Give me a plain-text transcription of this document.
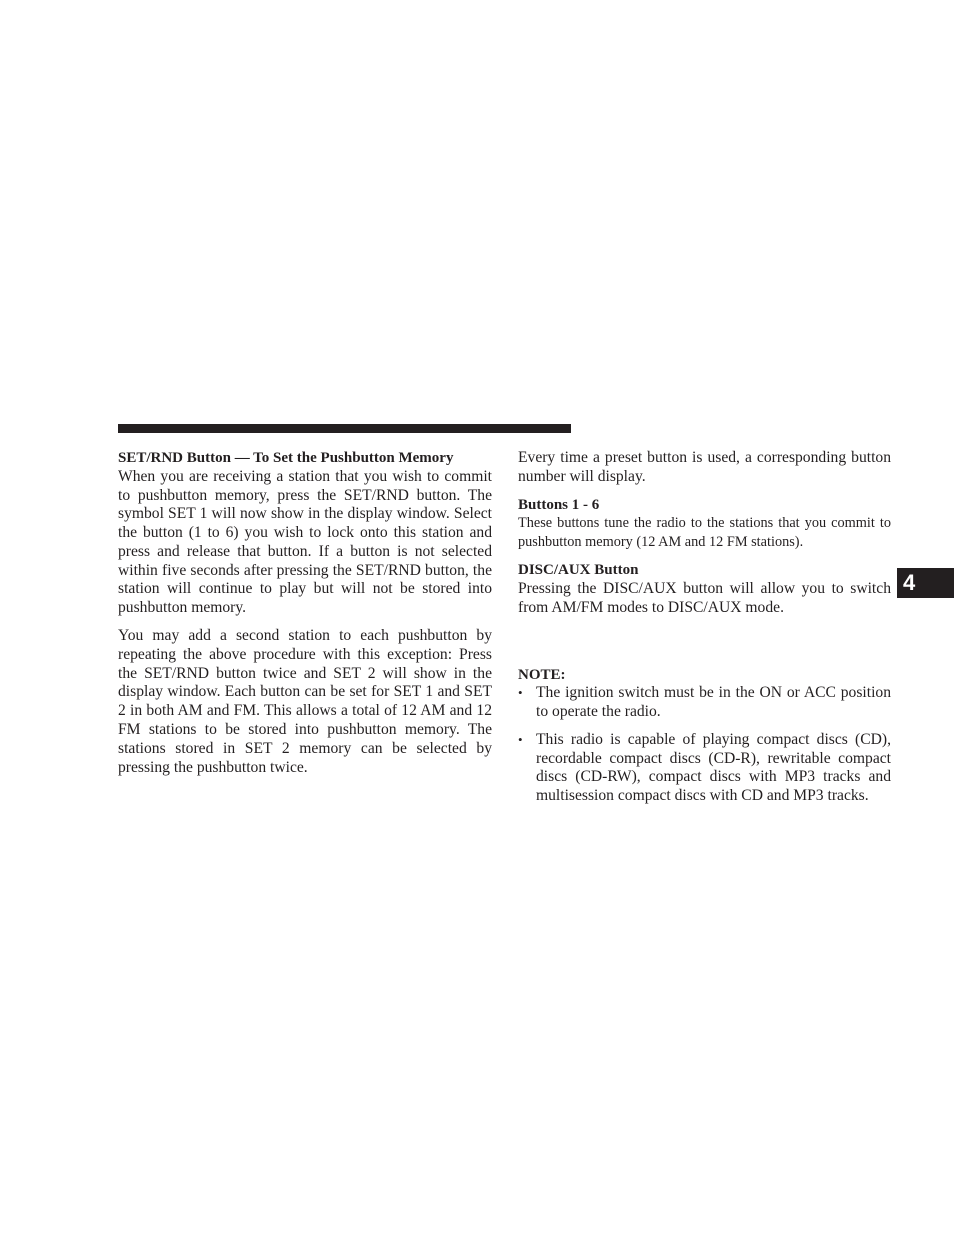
SET/RND Button — To Set the Pushbutton Memory

When you are receiving a station that you wish to commit to pushbutton memory, press the SET/RND button. The symbol SET 1 will now show in the display window. Select the button (1 to 6) you wish to lock onto this station and press and release that button. If a button is not selected within five seconds after pressing the SET/RND button, the station will continue to play but will not be stored into pushbutton memory.

You may add a second station to each pushbutton by repeating the above procedure with this exception: Press the SET/RND button twice and SET 2 will show in the display window. Each button can be set for SET 1 and SET 2 in both AM and FM. This allows a total of 12 AM and 12 FM stations to be stored into pushbutton memory. The stations stored in SET 2 memory can be selected by pressing the pushbutton twice.

Every time a preset button is used, a corresponding button number will display.

Buttons 1 - 6

These buttons tune the radio to the stations that you commit to pushbutton memory (12 AM and 12 FM stations).

DISC/AUX Button

Pressing the DISC/AUX button will allow you to switch from AM/FM modes to DISC/AUX mode.

NOTE:

• The ignition switch must be in the ON or ACC position to operate the radio.
• This radio is capable of playing compact discs (CD), recordable compact discs (CD-R), rewritable compact discs (CD-RW), compact discs with MP3 tracks and multisession compact discs with CD and MP3 tracks.
4
